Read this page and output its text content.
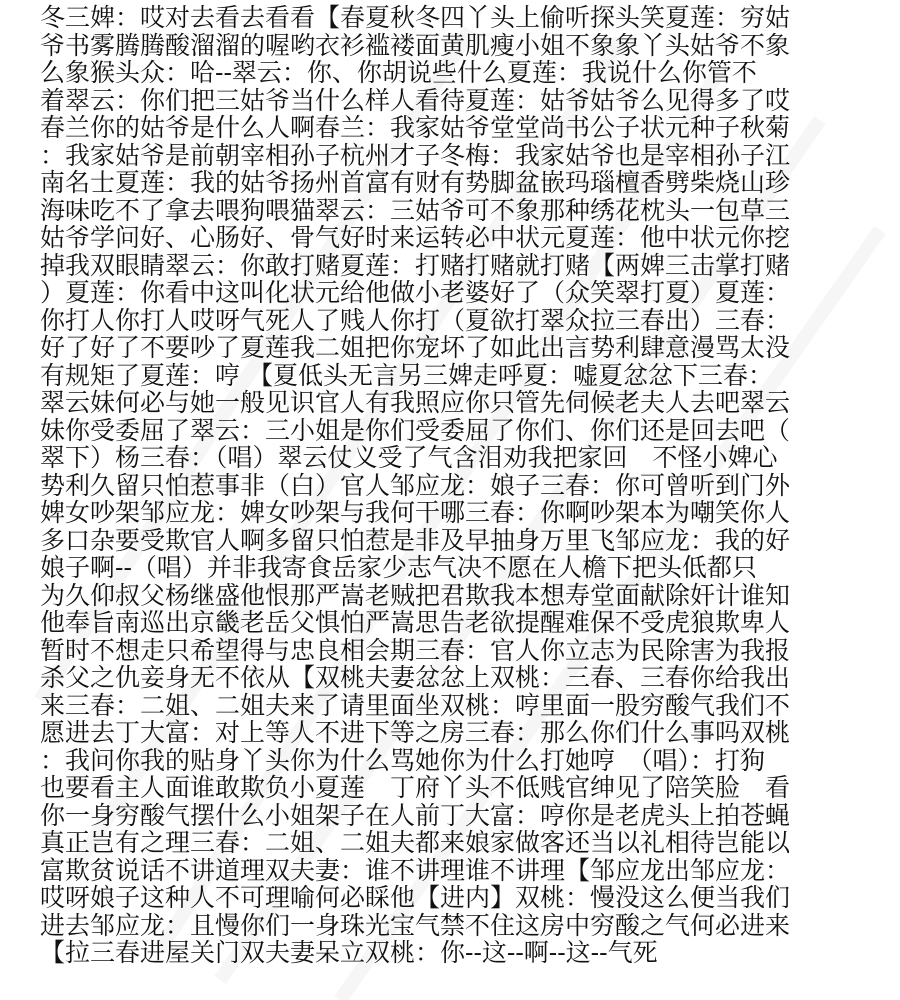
冬三婢：哎对去看去看看【春夏秋冬四丫头上偷听探头笑夏莲：穷姑
爷书雾腾腾酸溜溜的喔哟衣衫褴褛面黄肌瘦小姐不象象丫头姑爷不象
么象猴头众：哈--翠云：你、你胡说些什么夏莲：我说什么你管不
着翠云：你们把三姑爷当什么样人看待夏莲：姑爷姑爷么见得多了哎
春兰你的姑爷是什么人啊春兰：我家姑爷堂堂尚书公子状元种子秋菊
：我家姑爷是前朝宰相孙子杭州才子冬梅：我家姑爷也是宰相孙子江
南名士夏莲：我的姑爷扬州首富有财有势脚盆嵌玛瑙檀香劈柴烧山珍
海味吃不了拿去喂狗喂猫翠云：三姑爷可不象那种绣花枕头一包草三
姑爷学问好、心肠好、骨气好时来运转必中状元夏莲：他中状元你挖
掉我双眼睛翠云：你敢打赌夏莲：打赌打赌就打赌【两婢三击掌打赌
）夏莲：你看中这叫化状元给他做小老婆好了（众笑翠打夏）夏莲：
你打人你打人哎呀气死人了贱人你打（夏欲打翠众拉三春出）三春：
好了好了不要吵了夏莲我二姐把你宠坏了如此出言势利肆意漫骂太没
有规矩了夏莲：哼 【夏低头无言另三婢走呼夏：嘘夏忿忿下三春：
翠云妹何必与她一般见识官人有我照应你只管先伺候老夫人去吧翠云
妹你受委屈了翠云：三小姐是你们受委屈了你们、你们还是回去吧（
翠下）杨三春：（唱）翠云仗义受了气含泪劝我把家回　不怪小婢心
势利久留只怕惹事非（白）官人邹应龙：娘子三春：你可曾听到门外
婢女吵架邹应龙：婢女吵架与我何干哪三春：你啊吵架本为嘲笑你人
多口杂要受欺官人啊多留只怕惹是非及早抽身万里飞邹应龙：我的好
娘子啊--（唱）并非我寄食岳家少志气决不愿在人檐下把头低都只
为久仰叔父杨继盛他恨那严嵩老贼把君欺我本想寿堂面献除奸计谁知
他奉旨南巡出京畿老岳父惧怕严嵩思告老欲提醒难保不受虎狼欺卑人
暂时不想走只希望得与忠良相会期三春：官人你立志为民除害为我报
杀父之仇妾身无不依从【双桃夫妻忿忿上双桃：三春、三春你给我出
来三春：二姐、二姐夫来了请里面坐双桃：哼里面一股穷酸气我们不
愿进去丁大富：对上等人不进下等之房三春：那么你们什么事吗双桃
：我问你我的贴身丫头你为什么骂她你为什么打她哼　（唱）：打狗
也要看主人面谁敢欺负小夏莲　丁府丫头不低贱官绅见了陪笑脸　看
你一身穷酸气摆什么小姐架子在人前丁大富：哼你是老虎头上拍苍蝇
真正岂有之理三春：二姐、二姐夫都来娘家做客还当以礼相待岂能以
富欺贫说话不讲道理双夫妻：谁不讲理谁不讲理【邹应龙出邹应龙：
哎呀娘子这种人不可理喻何必睬他【进内】双桃：慢没这么便当我们
进去邹应龙：且慢你们一身珠光宝气禁不住这房中穷酸之气何必进来
【拉三春进屋关门双夫妻呆立双桃：你--这--啊--这--气死
